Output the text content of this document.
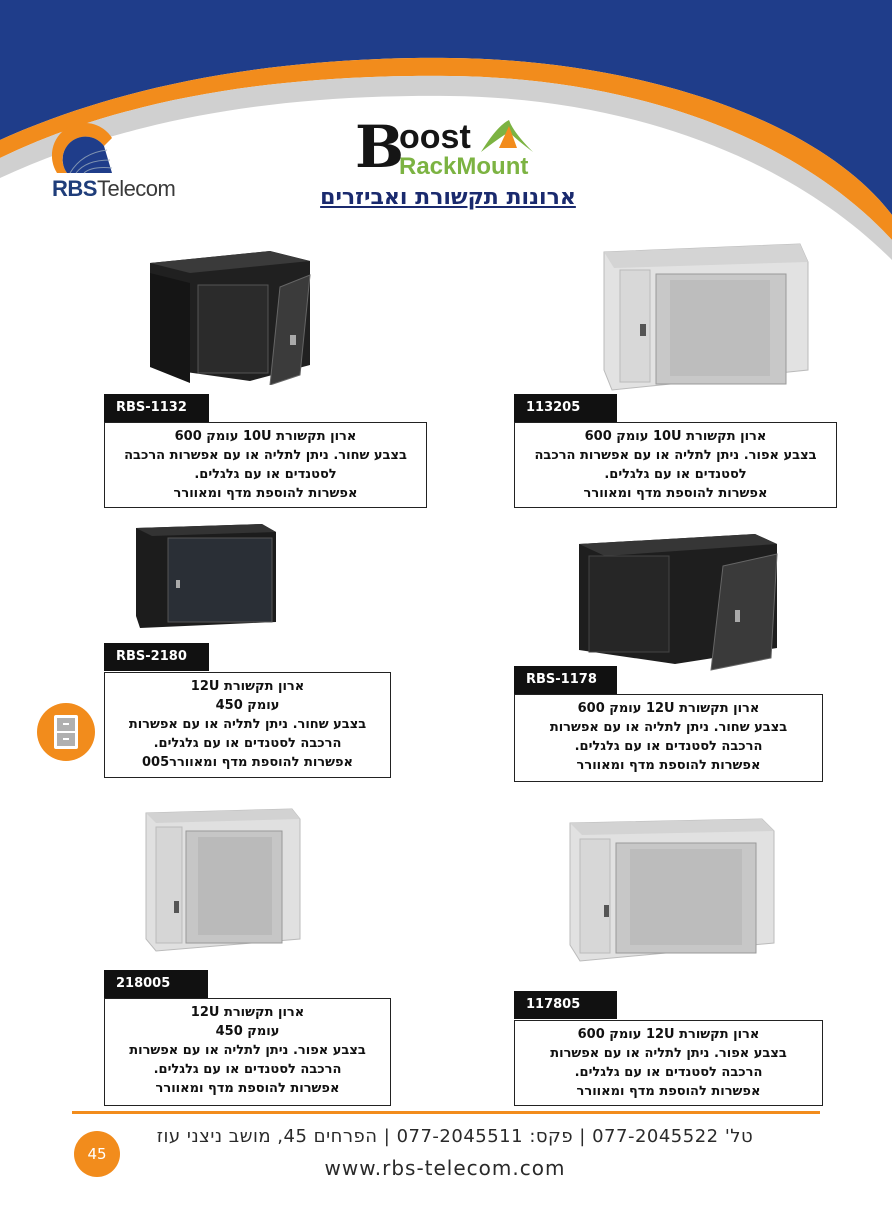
RBSTelecom
B
oost
RackMount
ארונות תקשורת ואביזרים
RBS-1132
ארון תקשורת 10U עומק 600
בצבע שחור. ניתן לתליה או עם אפשרות הרכבה
לסטנדים או עם גלגלים.
אפשרות להוספת מדף ומאוורר
113205
ארון תקשורת 10U עומק 600
בצבע אפור. ניתן לתליה או עם אפשרות הרכבה
לסטנדים או עם גלגלים.
אפשרות להוספת מדף ומאוורר
RBS-2180
ארון תקשורת 12U
עומק 450
בצבע שחור. ניתן לתליה או עם אפשרות
הרכבה לסטנדים או עם גלגלים.
אפשרות להוספת מדף ומאוורר005
RBS-1178
ארון תקשורת 12U עומק 600
בצבע שחור. ניתן לתליה או עם אפשרות
הרכבה לסטנדים או עם גלגלים.
אפשרות להוספת מדף ומאוורר
218005
ארון תקשורת 12U
עומק 450
בצבע אפור. ניתן לתליה או עם אפשרות
הרכבה לסטנדים או עם גלגלים.
אפשרות להוספת מדף ומאוורר
117805
ארון תקשורת 12U עומק 600
בצבע אפור. ניתן לתליה או עם אפשרות
הרכבה לסטנדים או עם גלגלים.
אפשרות להוספת מדף ומאוורר
45
טל' 077-2045522 | פקס: 077-2045511 | הפרחים 45, מושב ניצני עוז
www.rbs-telecom.com
